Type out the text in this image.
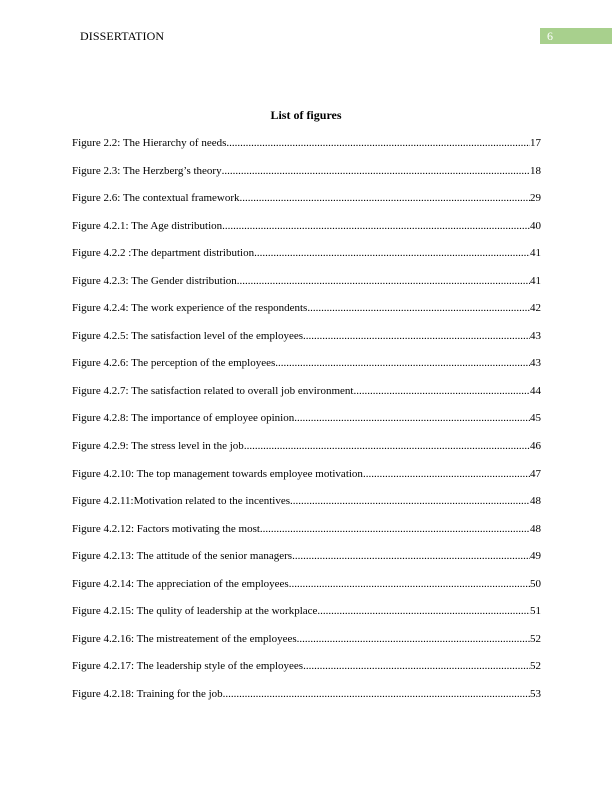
DISSERTATION	6
List of figures
Figure 2.2: The Hierarchy of needs .....	17
Figure 2.3: The Herzberg’s theory .....	18
Figure 2.6: The contextual framework .....	29
Figure 4.2.1: The Age distribution .....	40
Figure 4.2.2 :The department distribution .....	41
Figure 4.2.3: The Gender distribution .....	41
Figure 4.2.4: The work experience of the respondents .....	42
Figure 4.2.5: The satisfaction level of the employees .....	43
Figure 4.2.6: The perception of the employees .....	43
Figure 4.2.7: The satisfaction related to overall job environment .....	44
Figure 4.2.8: The importance of employee opinion .....	45
Figure 4.2.9: The stress level in the job .....	46
Figure 4.2.10: The top management towards employee motivation .....	47
Figure 4.2.11:Motivation related to the incentives .....	48
Figure 4.2.12: Factors motivating the most .....	48
Figure 4.2.13: The attitude of the senior managers .....	49
Figure 4.2.14: The appreciation of the employees .....	50
Figure 4.2.15: The qulity of leadership at the workplace .....	51
Figure 4.2.16: The mistreatement of the employees .....	52
Figure 4.2.17: The leadership style of the employees .....	52
Figure 4.2.18: Training for the job .....	53
